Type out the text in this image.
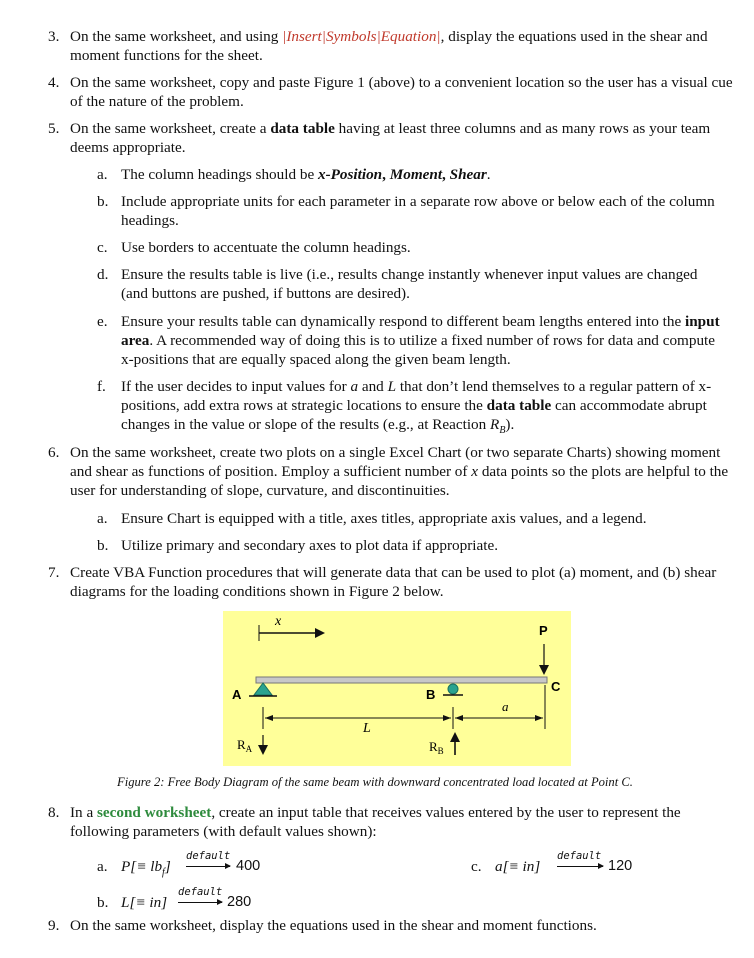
3. On the same worksheet, and using |Insert|Symbols|Equation|, display the equations used in the shear and moment functions for the sheet.
4. On the same worksheet, copy and paste Figure 1 (above) to a convenient location so the user has a visual cue of the nature of the problem.
5. On the same worksheet, create a data table having at least three columns and as many rows as your team deems appropriate.
a. The column headings should be x-Position, Moment, Shear.
b. Include appropriate units for each parameter in a separate row above or below each of the column headings.
c. Use borders to accentuate the column headings.
d. Ensure the results table is live (i.e., results change instantly whenever input values are changed (and buttons are pushed, if buttons are desired).
e. Ensure your results table can dynamically respond to different beam lengths entered into the input area. A recommended way of doing this is to utilize a fixed number of rows for data and compute x-positions that are equally spaced along the given beam length.
f. If the user decides to input values for a and L that don’t lend themselves to a regular pattern of x-positions, add extra rows at strategic locations to ensure the data table can accommodate abrupt changes in the value or slope of the results (e.g., at Reaction $R_B$).
6. On the same worksheet, create two plots on a single Excel Chart (or two separate Charts) showing moment and shear as functions of position. Employ a sufficient number of x data points so the plots are helpful to the user for understanding of slope, curvature, and discontinuities.
a. Ensure Chart is equipped with a title, axes titles, appropriate axis values, and a legend.
b. Utilize primary and secondary axes to plot data if appropriate.
7. Create VBA Function procedures that will generate data that can be used to plot (a) moment, and (b) shear diagrams for the loading conditions shown in Figure 2 below.
x
P
A	B
C
L
a
$R_A$	$R_B$
Figure 2: Free Body Diagram of the same beam with downward concentrated load located at Point C.
8. In a second worksheet, create an input table that receives values entered by the user to represent the following parameters (with default values shown):
a. $P[\equiv lb_f]$
default
400	c. a[≡ in]
default
120
b. L[≡ in]
default
280
9. On the same worksheet, display the equations used in the shear and moment functions.
